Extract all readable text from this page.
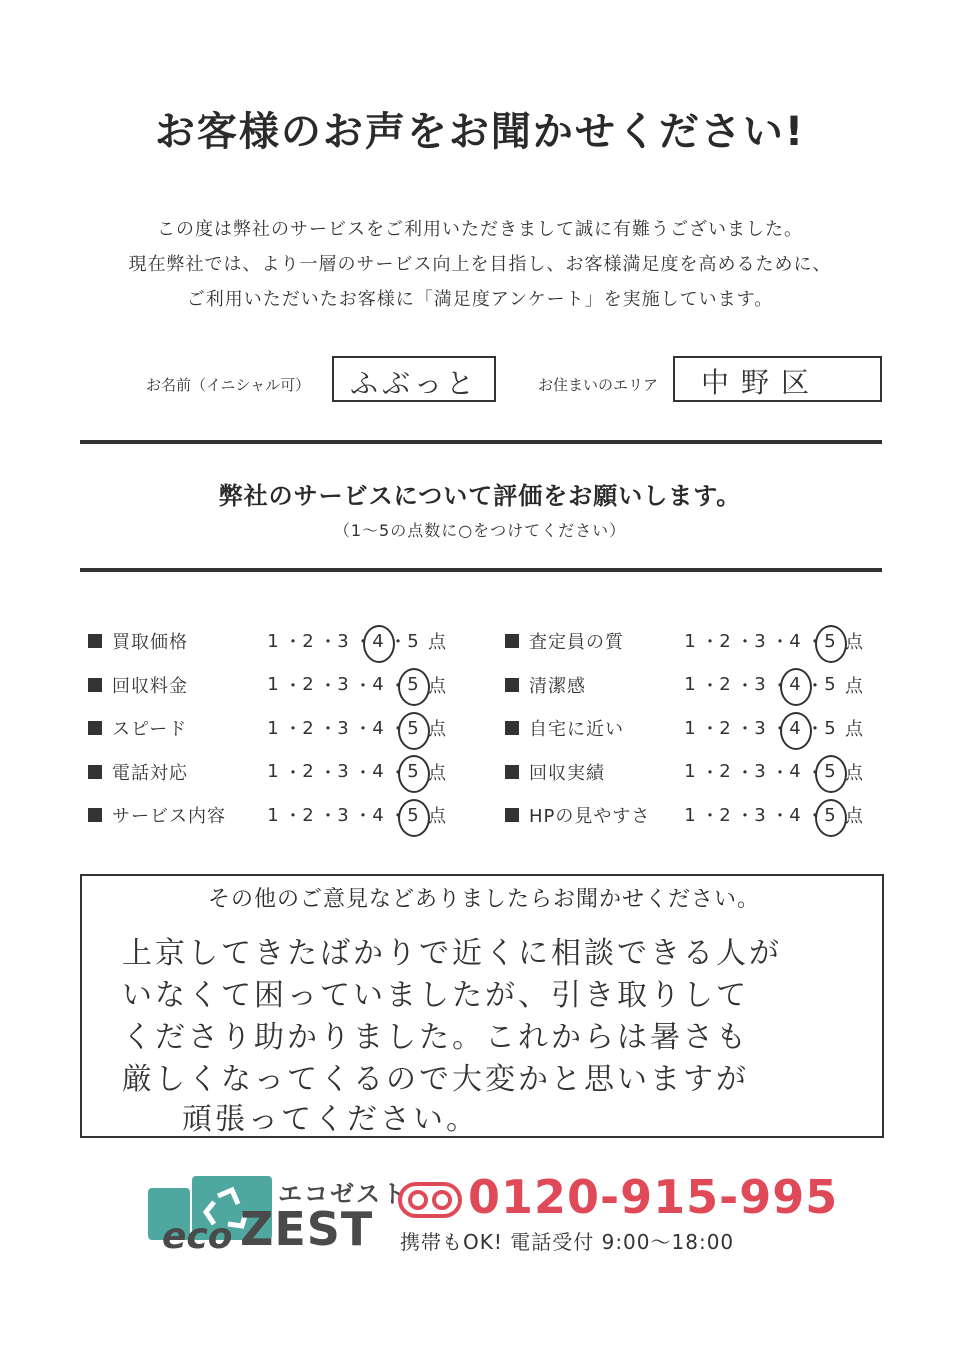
お客様のお声をお聞かせください!
この度は弊社のサービスをご利用いただきまして誠に有難うございました。
現在弊社では、より一層のサービス向上を目指し、お客様満足度を高めるために、
ご利用いただいたお客様に「満足度アンケート」を実施しています。
お名前（イニシャル可） ふぶっと	お住まいのエリア 中野区
弊社のサービスについて評価をお願いします。
（1〜5の点数に○をつけてください）
買取価格	1 ・ 2 ・ 3 ・ 4 ・ 5 点
回収料金	1 ・ 2 ・ 3 ・ 4 ・ 5 点
スピード	1 ・ 2 ・ 3 ・ 4 ・ 5 点
電話対応	1 ・ 2 ・ 3 ・ 4 ・ 5 点
サービス内容	1 ・ 2 ・ 3 ・ 4 ・ 5 点
査定員の質	1 ・ 2 ・ 3 ・ 4 ・ 5 点
清潔感	1 ・ 2 ・ 3 ・ 4 ・ 5 点
自宅に近い	1 ・ 2 ・ 3 ・ 4 ・ 5 点
回収実績	1 ・ 2 ・ 3 ・ 4 ・ 5 点
HPの見やすさ	1 ・ 2 ・ 3 ・ 4 ・ 5 点
その他のご意見などありましたらお聞かせください。
上京してきたばかりで近くに相談できる人が
いなくて困っていましたが、引き取りして
くださり助かりました。これからは暑さも
厳しくなってくるので大変かと思いますが
頑張ってください。
エコゼスト
eco ZEST
0120-915-995
携帯もOK! 電話受付 9:00〜18:00
